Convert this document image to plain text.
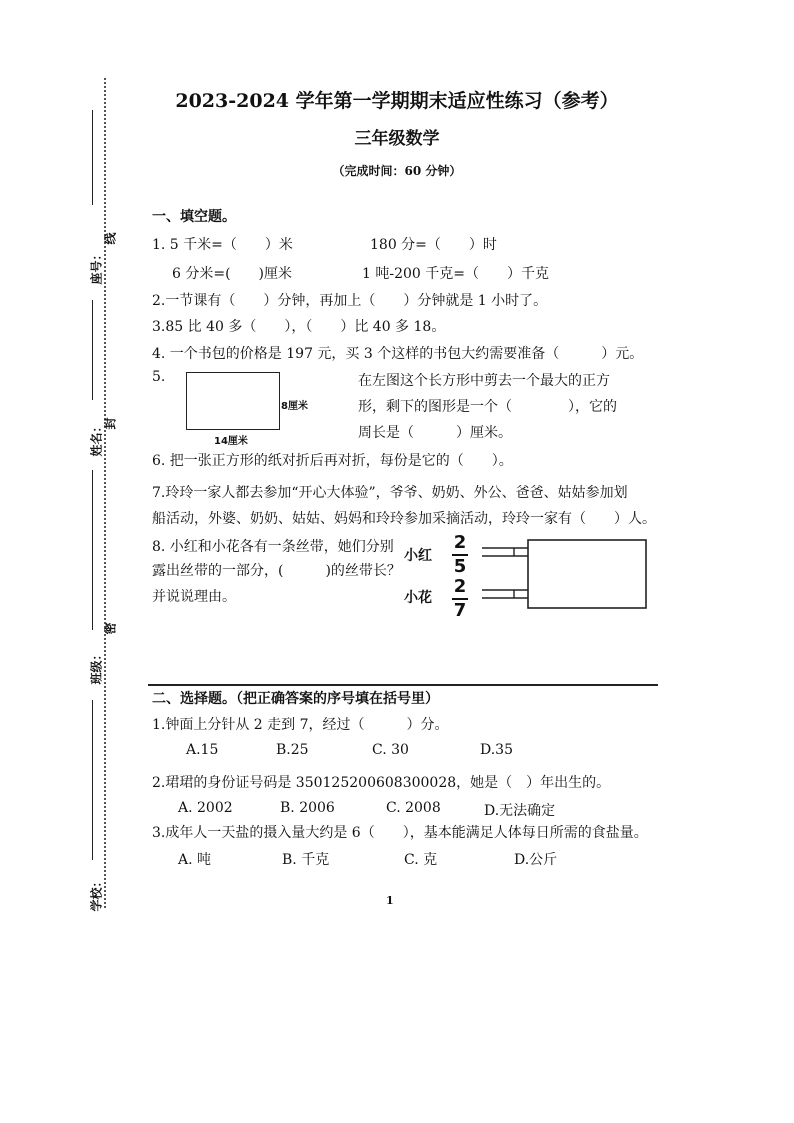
座号：
姓名：
班级：
学校：
线
封
密
2023-2024 学年第一学期期末适应性练习（参考）
三年级数学
（完成时间：60 分钟）
一、填空题。
1. 5 千米=（　　）米	180 分=（　　）时
6 分米=(　　)厘米	1 吨-200 千克=（　　）千克
2.一节课有（　　）分钟，再加上（　　）分钟就是 1 小时了。
3.85 比 40 多（　　），（　　）比 40 多 18。
4. 一个书包的价格是 197 元，买 3 个这样的书包大约需要准备（　　　）元。
5.
8厘米
14厘米
在左图这个长方形中剪去一个最大的正方
形，剩下的图形是一个（　　　　），它的
周长是（　　　）厘米。
6. 把一张正方形的纸对折后再对折，每份是它的（　　）。
7.玲玲一家人都去参加“开心大体验”，爷爷、奶奶、外公、爸爸、姑姑参加划
船活动，外婆、奶奶、姑姑、妈妈和玲玲参加采摘活动，玲玲一家有（　　）人。
8. 小红和小花各有一条丝带，她们分别
露出丝带的一部分，(　　　)的丝带长？
并说说理由。
小红
2
5
小花
2
7
二、选择题。（把正确答案的序号填在括号里）
1.钟面上分针从 2 走到 7，经过（　　　）分。
A.15	B.25	C. 30	D.35
2.珺珺的身份证号码是 350125200608300028，她是（　）年出生的。
A. 2002	B. 2006	C. 2008	D.无法确定
3.成年人一天盐的摄入量大约是 6（　　），基本能满足人体每日所需的食盐量。
A. 吨	B. 千克	C. 克	D.公斤
1
